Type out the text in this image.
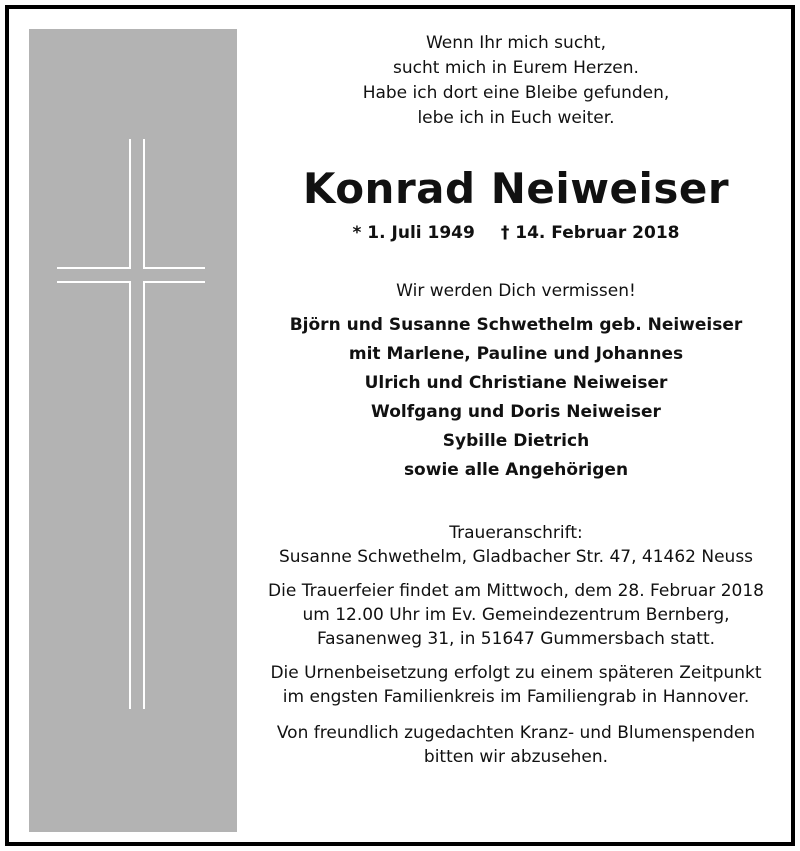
Wenn Ihr mich sucht,
sucht mich in Eurem Herzen.
Habe ich dort eine Bleibe gefunden,
lebe ich in Euch weiter.
Konrad Neiweiser
* 1. Juli 1949 † 14. Februar 2018
Wir werden Dich vermissen!
Björn und Susanne Schwethelm geb. Neiweiser
mit Marlene, Pauline und Johannes
Ulrich und Christiane Neiweiser
Wolfgang und Doris Neiweiser
Sybille Dietrich
sowie alle Angehörigen
Traueranschrift:
Susanne Schwethelm, Gladbacher Str. 47, 41462 Neuss
Die Trauerfeier findet am Mittwoch, dem 28. Februar 2018
um 12.00 Uhr im Ev. Gemeindezentrum Bernberg,
Fasanenweg 31, in 51647 Gummersbach statt.
Die Urnenbeisetzung erfolgt zu einem späteren Zeitpunkt
im engsten Familienkreis im Familiengrab in Hannover.
Von freundlich zugedachten Kranz- und Blumenspenden
bitten wir abzusehen.
